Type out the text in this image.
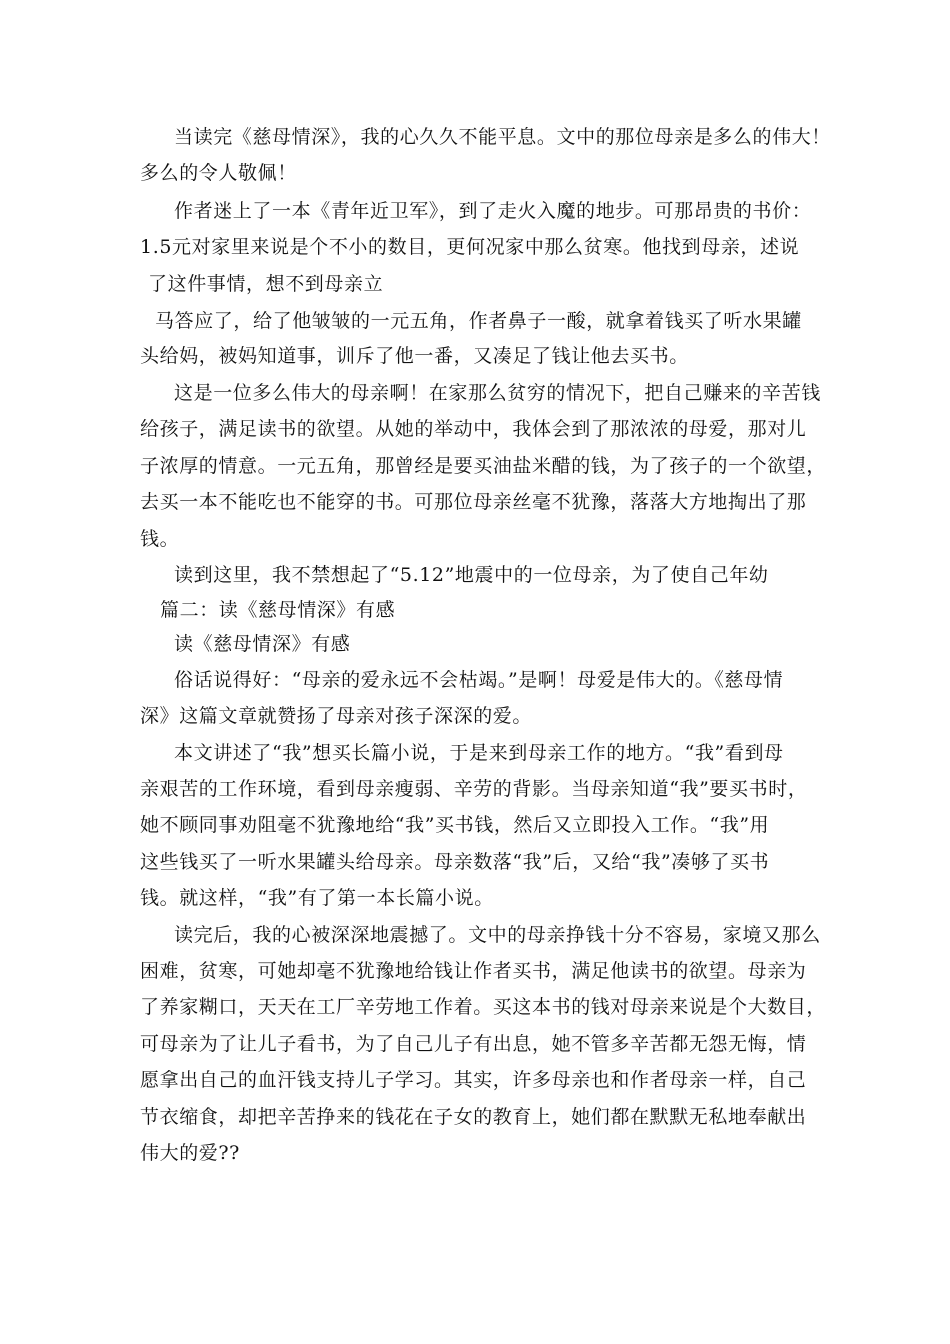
当读完《慈母情深》，我的心久久不能平息。文中的那位母亲是多么的伟大！
多么的令人敬佩！
作者迷上了一本《青年近卫军》，到了走火入魔的地步。可那昂贵的书价：
1.5元对家里来说是个不小的数目，更何况家中那么贫寒。他找到母亲，述说
了这件事情，想不到母亲立
马答应了，给了他皱皱的一元五角，作者鼻子一酸，就拿着钱买了听水果罐
头给妈，被妈知道事，训斥了他一番，又凑足了钱让他去买书。
这是一位多么伟大的母亲啊！在家那么贫穷的情况下，把自己赚来的辛苦钱
给孩子，满足读书的欲望。从她的举动中，我体会到了那浓浓的母爱，那对儿
子浓厚的情意。一元五角，那曾经是要买油盐米醋的钱，为了孩子的一个欲望，
去买一本不能吃也不能穿的书。可那位母亲丝毫不犹豫，落落大方地掏出了那
钱。
读到这里，我不禁想起了“5.12”地震中的一位母亲，为了使自己年幼
篇二：读《慈母情深》有感
读《慈母情深》有感
俗话说得好：“母亲的爱永远不会枯竭。”是啊！母爱是伟大的。《慈母情
深》这篇文章就赞扬了母亲对孩子深深的爱。
本文讲述了“我”想买长篇小说，于是来到母亲工作的地方。“我”看到母
亲艰苦的工作环境，看到母亲瘦弱、辛劳的背影。当母亲知道“我”要买书时，
她不顾同事劝阻毫不犹豫地给“我”买书钱，然后又立即投入工作。“我”用
这些钱买了一听水果罐头给母亲。母亲数落“我”后，又给“我”凑够了买书
钱。就这样，“我”有了第一本长篇小说。
读完后，我的心被深深地震撼了。文中的母亲挣钱十分不容易，家境又那么
困难，贫寒，可她却毫不犹豫地给钱让作者买书，满足他读书的欲望。母亲为
了养家糊口，天天在工厂辛劳地工作着。买这本书的钱对母亲来说是个大数目，
可母亲为了让儿子看书，为了自己儿子有出息，她不管多辛苦都无怨无悔，情
愿拿出自己的血汗钱支持儿子学习。其实，许多母亲也和作者母亲一样，自己
节衣缩食，却把辛苦挣来的钱花在子女的教育上，她们都在默默无私地奉献出
伟大的爱??
